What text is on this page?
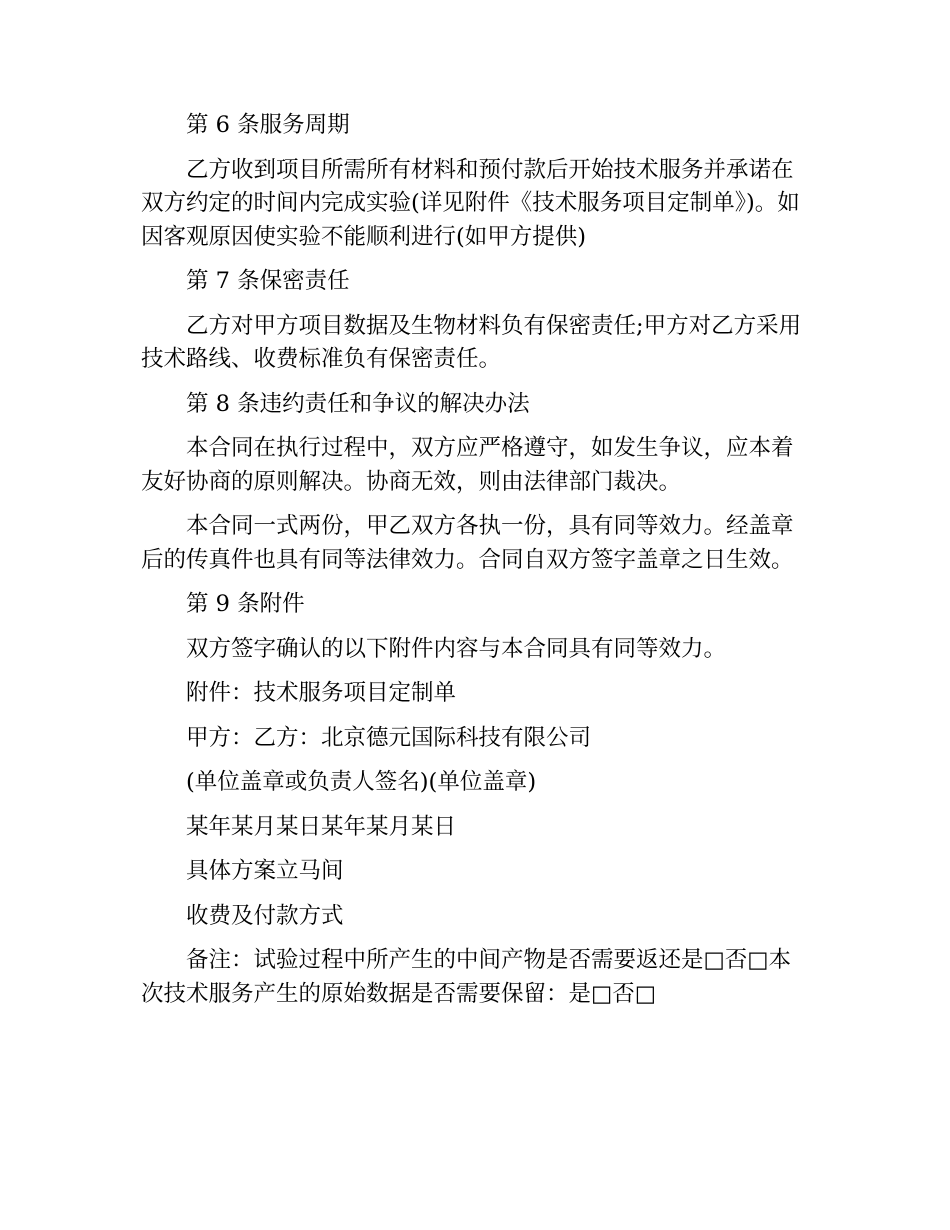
第 6 条服务周期

乙方收到项目所需所有材料和预付款后开始技术服务并承诺在双方约定的时间内完成实验(详见附件《技术服务项目定制单》)。如因客观原因使实验不能顺利进行(如甲方提供)

第 7 条保密责任

乙方对甲方项目数据及生物材料负有保密责任;甲方对乙方采用技术路线、收费标准负有保密责任。

第 8 条违约责任和争议的解决办法

本合同在执行过程中，双方应严格遵守，如发生争议，应本着友好协商的原则解决。协商无效，则由法律部门裁决。

本合同一式两份，甲乙双方各执一份，具有同等效力。经盖章后的传真件也具有同等法律效力。合同自双方签字盖章之日生效。

第 9 条附件

双方签字确认的以下附件内容与本合同具有同等效力。

附件：技术服务项目定制单

甲方：乙方：北京德元国际科技有限公司

(单位盖章或负责人签名)(单位盖章)

某年某月某日某年某月某日

具体方案立马间

收费及付款方式

备注：试验过程中所产生的中间产物是否需要返还是□否□本次技术服务产生的原始数据是否需要保留：是□否□
